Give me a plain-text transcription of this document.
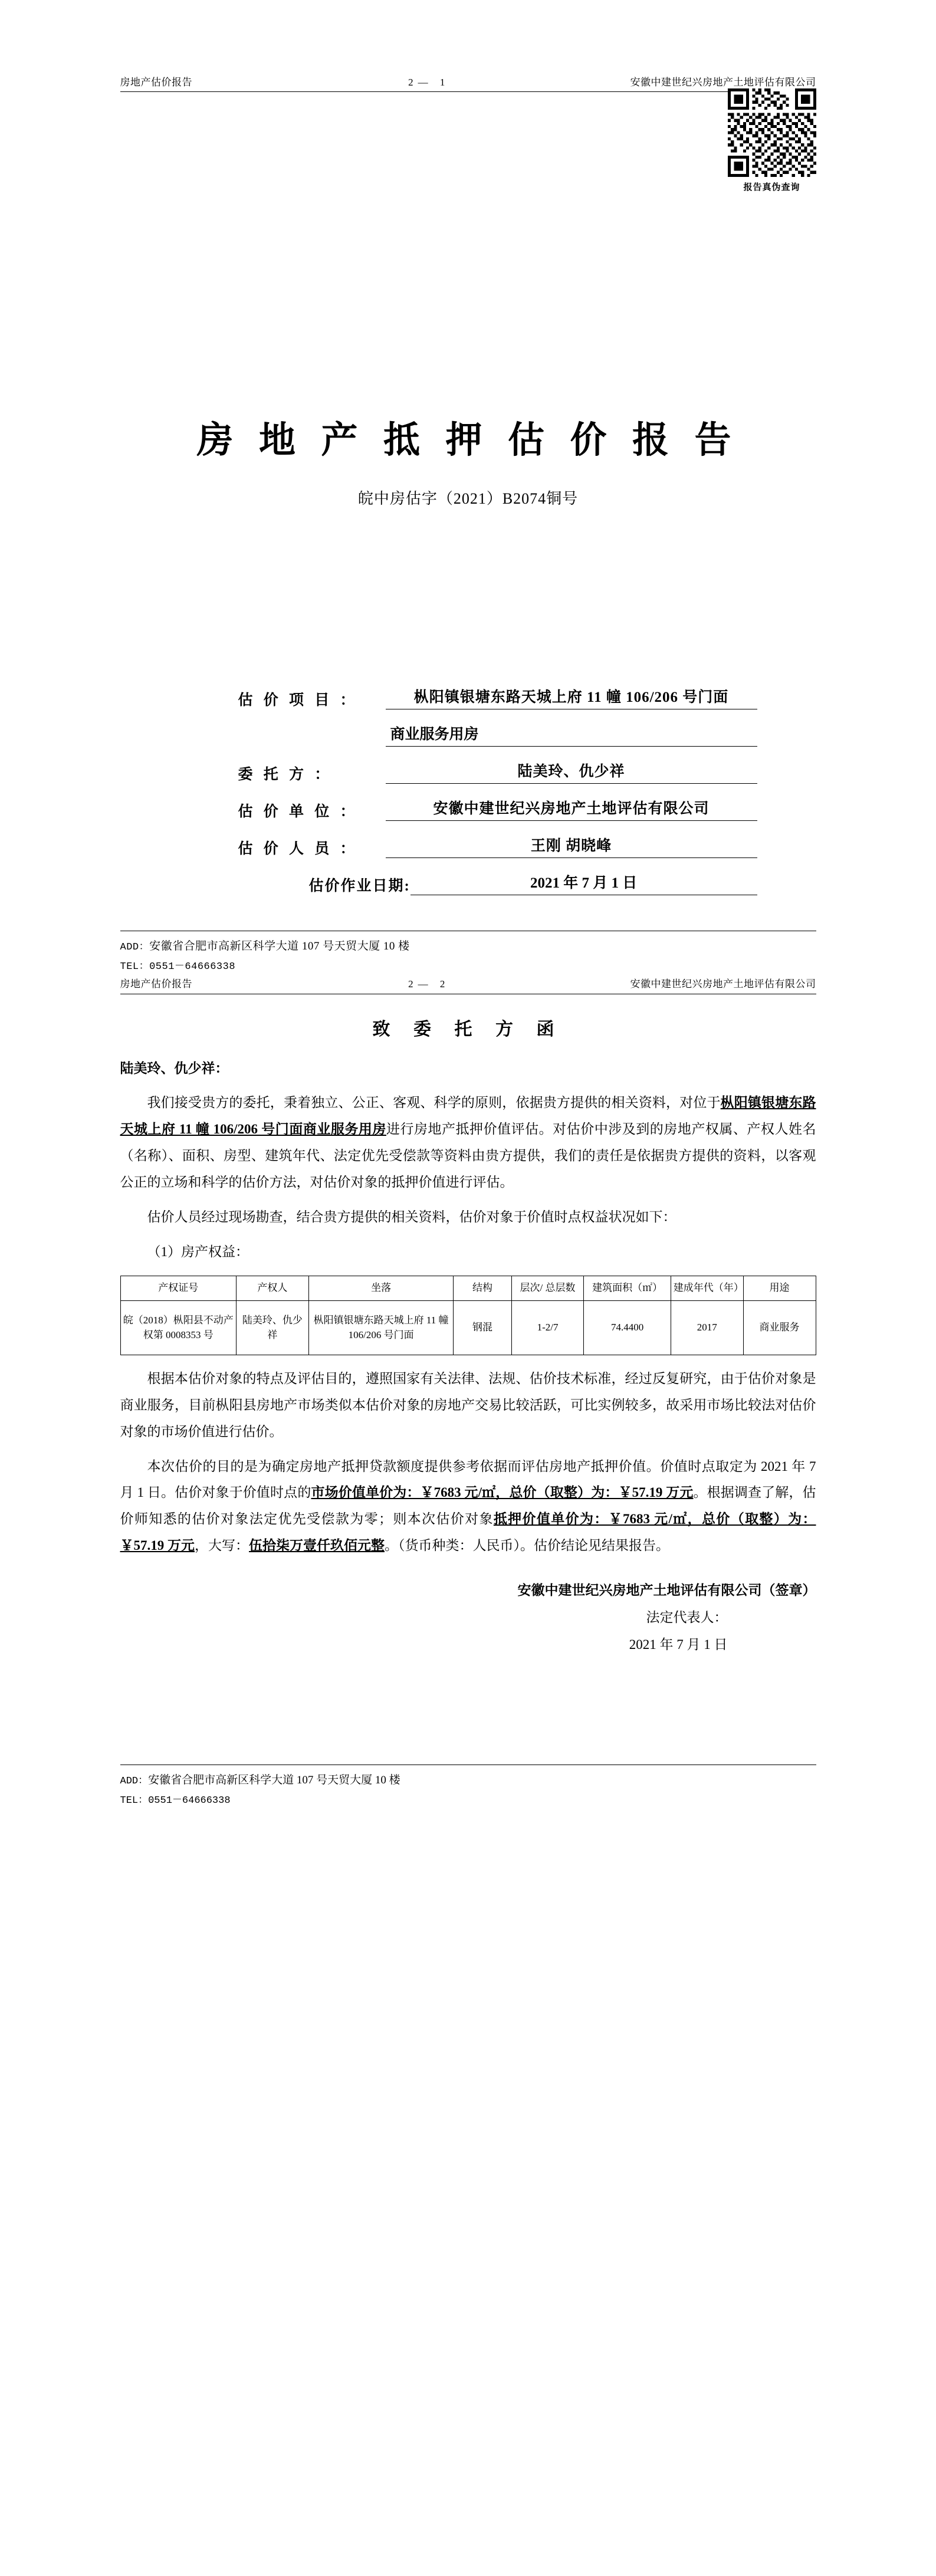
房地产估价报告	2— 1	安徽中建世纪兴房地产土地评估有限公司
报告真伪查询
房 地 产 抵 押 估 价 报 告
皖中房估字（2021）B2074铜号
估 价 项 目 ：	枞阳镇银塘东路天城上府 11 幢 106/206 号门面
商业服务用房
委 托 方 ：	陆美玲、仇少祥
估 价 单 位 ：	安徽中建世纪兴房地产土地评估有限公司
估 价 人 员 ：	王刚 胡晓峰
估价作业日期:	2021 年 7 月 1 日
ADD：安徽省合肥市高新区科学大道 107 号天贸大厦 10 楼
TEL：0551－64666338
房地产估价报告	2— 2	安徽中建世纪兴房地产土地评估有限公司
致 委 托 方 函

陆美玲、仇少祥：

我们接受贵方的委托，秉着独立、公正、客观、科学的原则，依据贵方提供的相关资料，对位于枞阳镇银塘东路天城上府 11 幢 106/206 号门面商业服务用房进行房地产抵押价值评估。对估价中涉及到的房地产权属、产权人姓名（名称）、面积、房型、建筑年代、法定优先受偿款等资料由贵方提供，我们的责任是依据贵方提供的资料，以客观公正的立场和科学的估价方法，对估价对象的抵押价值进行评估。

估价人员经过现场勘查，结合贵方提供的相关资料，估价对象于价值时点权益状况如下：

（1）房产权益：

产权证号	产权人	坐落	结构	层次/ 总层数	建筑面积（㎡）	建成年代（年）	用途
皖（2018）枞阳县不动产权第 0008353 号	陆美玲、仇少祥	枞阳镇银塘东路天城上府 11 幢 106/206 号门面	钢混	1-2/7	74.4400	2017	商业服务

根据本估价对象的特点及评估目的，遵照国家有关法律、法规、估价技术标准，经过反复研究，由于估价对象是商业服务，目前枞阳县房地产市场类似本估价对象的房地产交易比较活跃，可比实例较多，故采用市场比较法对估价对象的市场价值进行估价。

本次估价的目的是为确定房地产抵押贷款额度提供参考依据而评估房地产抵押价值。价值时点取定为 2021 年 7 月 1 日。估价对象于价值时点的市场价值单价为：￥7683 元/㎡，总价（取整）为：￥57.19 万元。根据调查了解，估价师知悉的估价对象法定优先受偿款为零；则本次估价对象抵押价值单价为：￥7683 元/㎡，总价（取整）为：￥57.19 万元，大写：伍拾柒万壹仟玖佰元整。（货币种类：人民币）。估价结论见结果报告。

安徽中建世纪兴房地产土地评估有限公司（签章）
法定代表人：
2021 年 7 月 1 日
ADD：安徽省合肥市高新区科学大道 107 号天贸大厦 10 楼
TEL：0551－64666338
